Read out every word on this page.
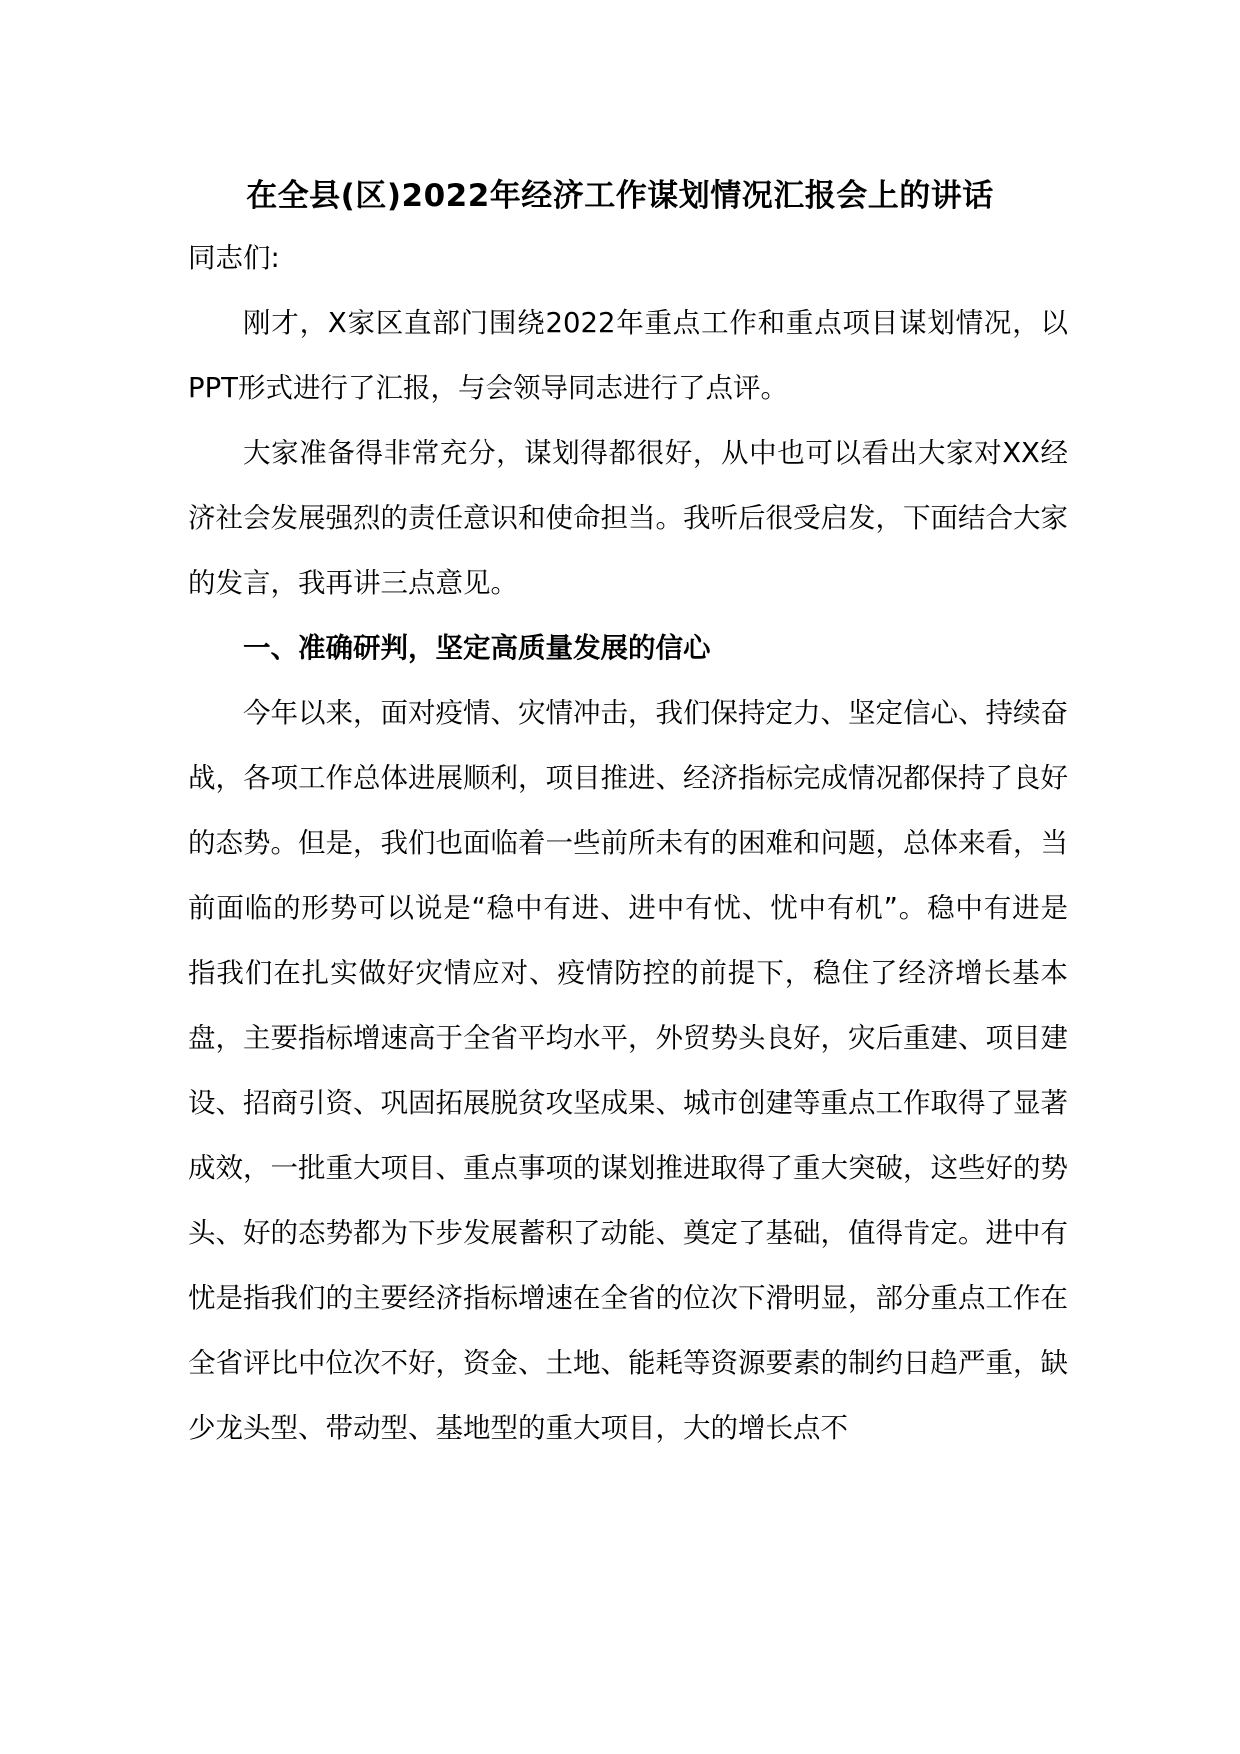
在全县(区)2022年经济工作谋划情况汇报会上的讲话

同志们:

刚才，X家区直部门围绕2022年重点工作和重点项目谋划情况，以PPT形式进行了汇报，与会领导同志进行了点评。

大家准备得非常充分，谋划得都很好，从中也可以看出大家对XX经济社会发展强烈的责任意识和使命担当。我听后很受启发，下面结合大家的发言，我再讲三点意见。

一、准确研判，坚定高质量发展的信心

今年以来，面对疫情、灾情冲击，我们保持定力、坚定信心、持续奋战，各项工作总体进展顺利，项目推进、经济指标完成情况都保持了良好的态势。但是，我们也面临着一些前所未有的困难和问题，总体来看，当前面临的形势可以说是“稳中有进、进中有忧、忧中有机”。稳中有进是指我们在扎实做好灾情应对、疫情防控的前提下，稳住了经济增长基本盘，主要指标增速高于全省平均水平，外贸势头良好，灾后重建、项目建设、招商引资、巩固拓展脱贫攻坚成果、城市创建等重点工作取得了显著成效，一批重大项目、重点事项的谋划推进取得了重大突破，这些好的势头、好的态势都为下步发展蓄积了动能、奠定了基础，值得肯定。进中有忧是指我们的主要经济指标增速在全省的位次下滑明显，部分重点工作在全省评比中位次不好，资金、土地、能耗等资源要素的制约日趋严重，缺少龙头型、带动型、基地型的重大项目，大的增长点不
